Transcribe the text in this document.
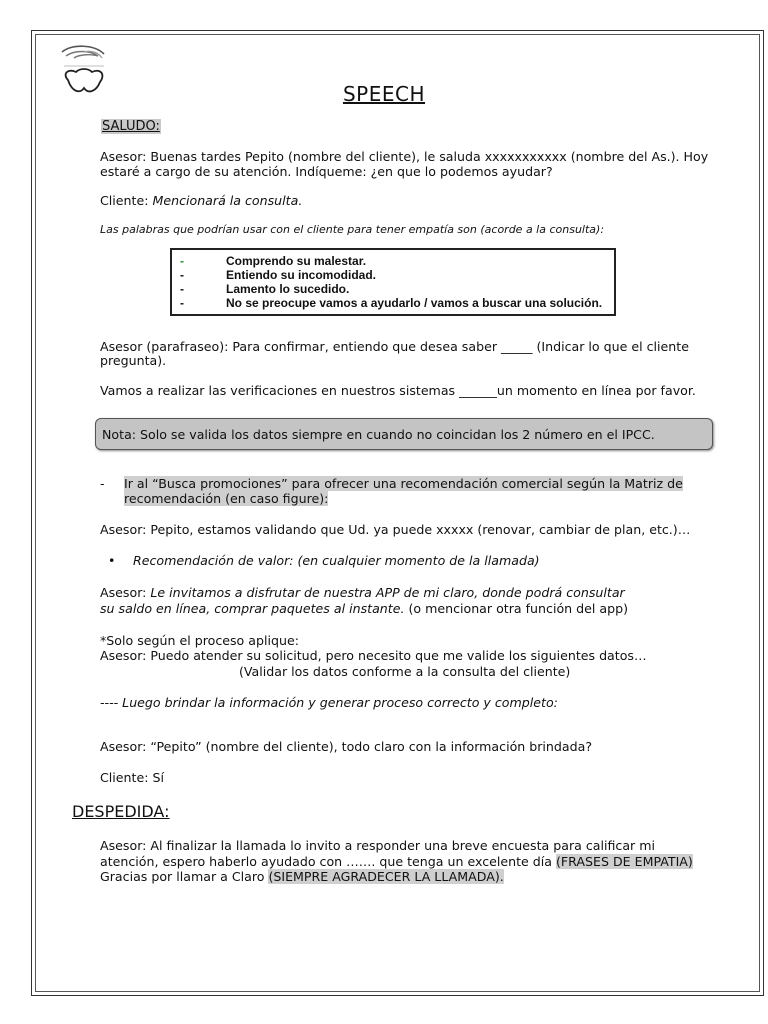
SPEECH
SALUDO:
Asesor: Buenas tardes Pepito (nombre del cliente), le saluda xxxxxxxxxxx (nombre del As.). Hoy
estaré a cargo de su atención. Indíqueme: ¿en que lo podemos ayudar?
Cliente: Mencionará la consulta.
Las palabras que podrían usar con el cliente para tener empatía son (acorde a la consulta):
-	Comprendo su malestar.
-	Entiendo su incomodidad.
-	Lamento lo sucedido.
-	No se preocupe vamos a ayudarlo / vamos a buscar una solución.
Asesor (parafraseo): Para confirmar, entiendo que desea saber _____ (Indicar lo que el cliente
pregunta).
Vamos a realizar las verificaciones en nuestros sistemas ______un momento en línea por favor.
Nota: Solo se valida los datos siempre en cuando no coincidan los 2 número en el IPCC.
- Ir al “Busca promociones” para ofrecer una recomendación comercial según la Matriz de
recomendación (en caso figure):
Asesor: Pepito, estamos validando que Ud. ya puede xxxxx (renovar, cambiar de plan, etc.)…
• Recomendación de valor: (en cualquier momento de la llamada)
Asesor: Le invitamos a disfrutar de nuestra APP de mi claro, donde podrá consultar
su saldo en línea, comprar paquetes al instante. (o mencionar otra función del app)
*Solo según el proceso aplique:
Asesor: Puedo atender su solicitud, pero necesito que me valide los siguientes datos…
(Validar los datos conforme a la consulta del cliente)
---- Luego brindar la información y generar proceso correcto y completo:
Asesor: “Pepito” (nombre del cliente), todo claro con la información brindada?
Cliente: Sí
DESPEDIDA:
Asesor: Al finalizar la llamada lo invito a responder una breve encuesta para calificar mi
atención, espero haberlo ayudado con ……. que tenga un excelente día (FRASES DE EMPATIA)
Gracias por llamar a Claro (SIEMPRE AGRADECER LA LLAMADA).
